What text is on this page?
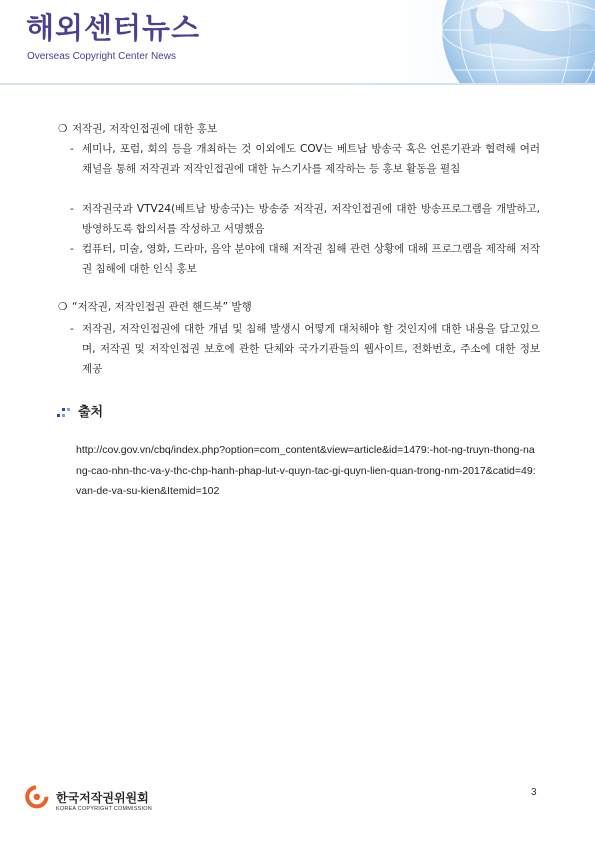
해외센터뉴스
Overseas Copyright Center News
❍ 저작권, 저작인접권에 대한 홍보
- 세미나, 포럼, 회의 등을 개최하는 것 이외에도 COV는 베트남 방송국 혹은 언론기관과 협력해 여러 채널을 통해 저작권과 저작인접권에 대한 뉴스기사를 제작하는 등 홍보 활동을 펼침
- 저작권국과 VTV24(베트남 방송국)는 방송중 저작권, 저작인접권에 대한 방송프로그램을 개발하고, 방영하도록 합의서를 작성하고 서명했음
- 컴퓨터, 미술, 영화, 드라마, 음악 분야에 대해 저작권 침해 관련 상황에 대해 프로그램을 제작해 저작권 침해에 대한 인식 홍보
❍ “저작권, 저작인접권 관련 핸드북” 발행
- 저작권, 저작인접권에 대한 개념 및 침해 발생시 어떻게 대처해야 할 것인지에 대한 내용을 담고있으며, 저작권 및 저작인접권 보호에 관한 단체와 국가기관들의 웹사이트, 전화번호, 주소에 대한 정보 제공
출처
http://cov.gov.vn/cbq/index.php?option=com_content&view=article&id=1479:-hot-ng-truyn-thong-nang-cao-nhn-thc-va-y-thc-chp-hanh-phap-lut-v-quyn-tac-gi-quyn-lien-quan-trong-nm-2017&catid=49:van-de-va-su-kien&Itemid=102
한국저작권위원회
KOREA COPYRIGHT COMMISSION
3
